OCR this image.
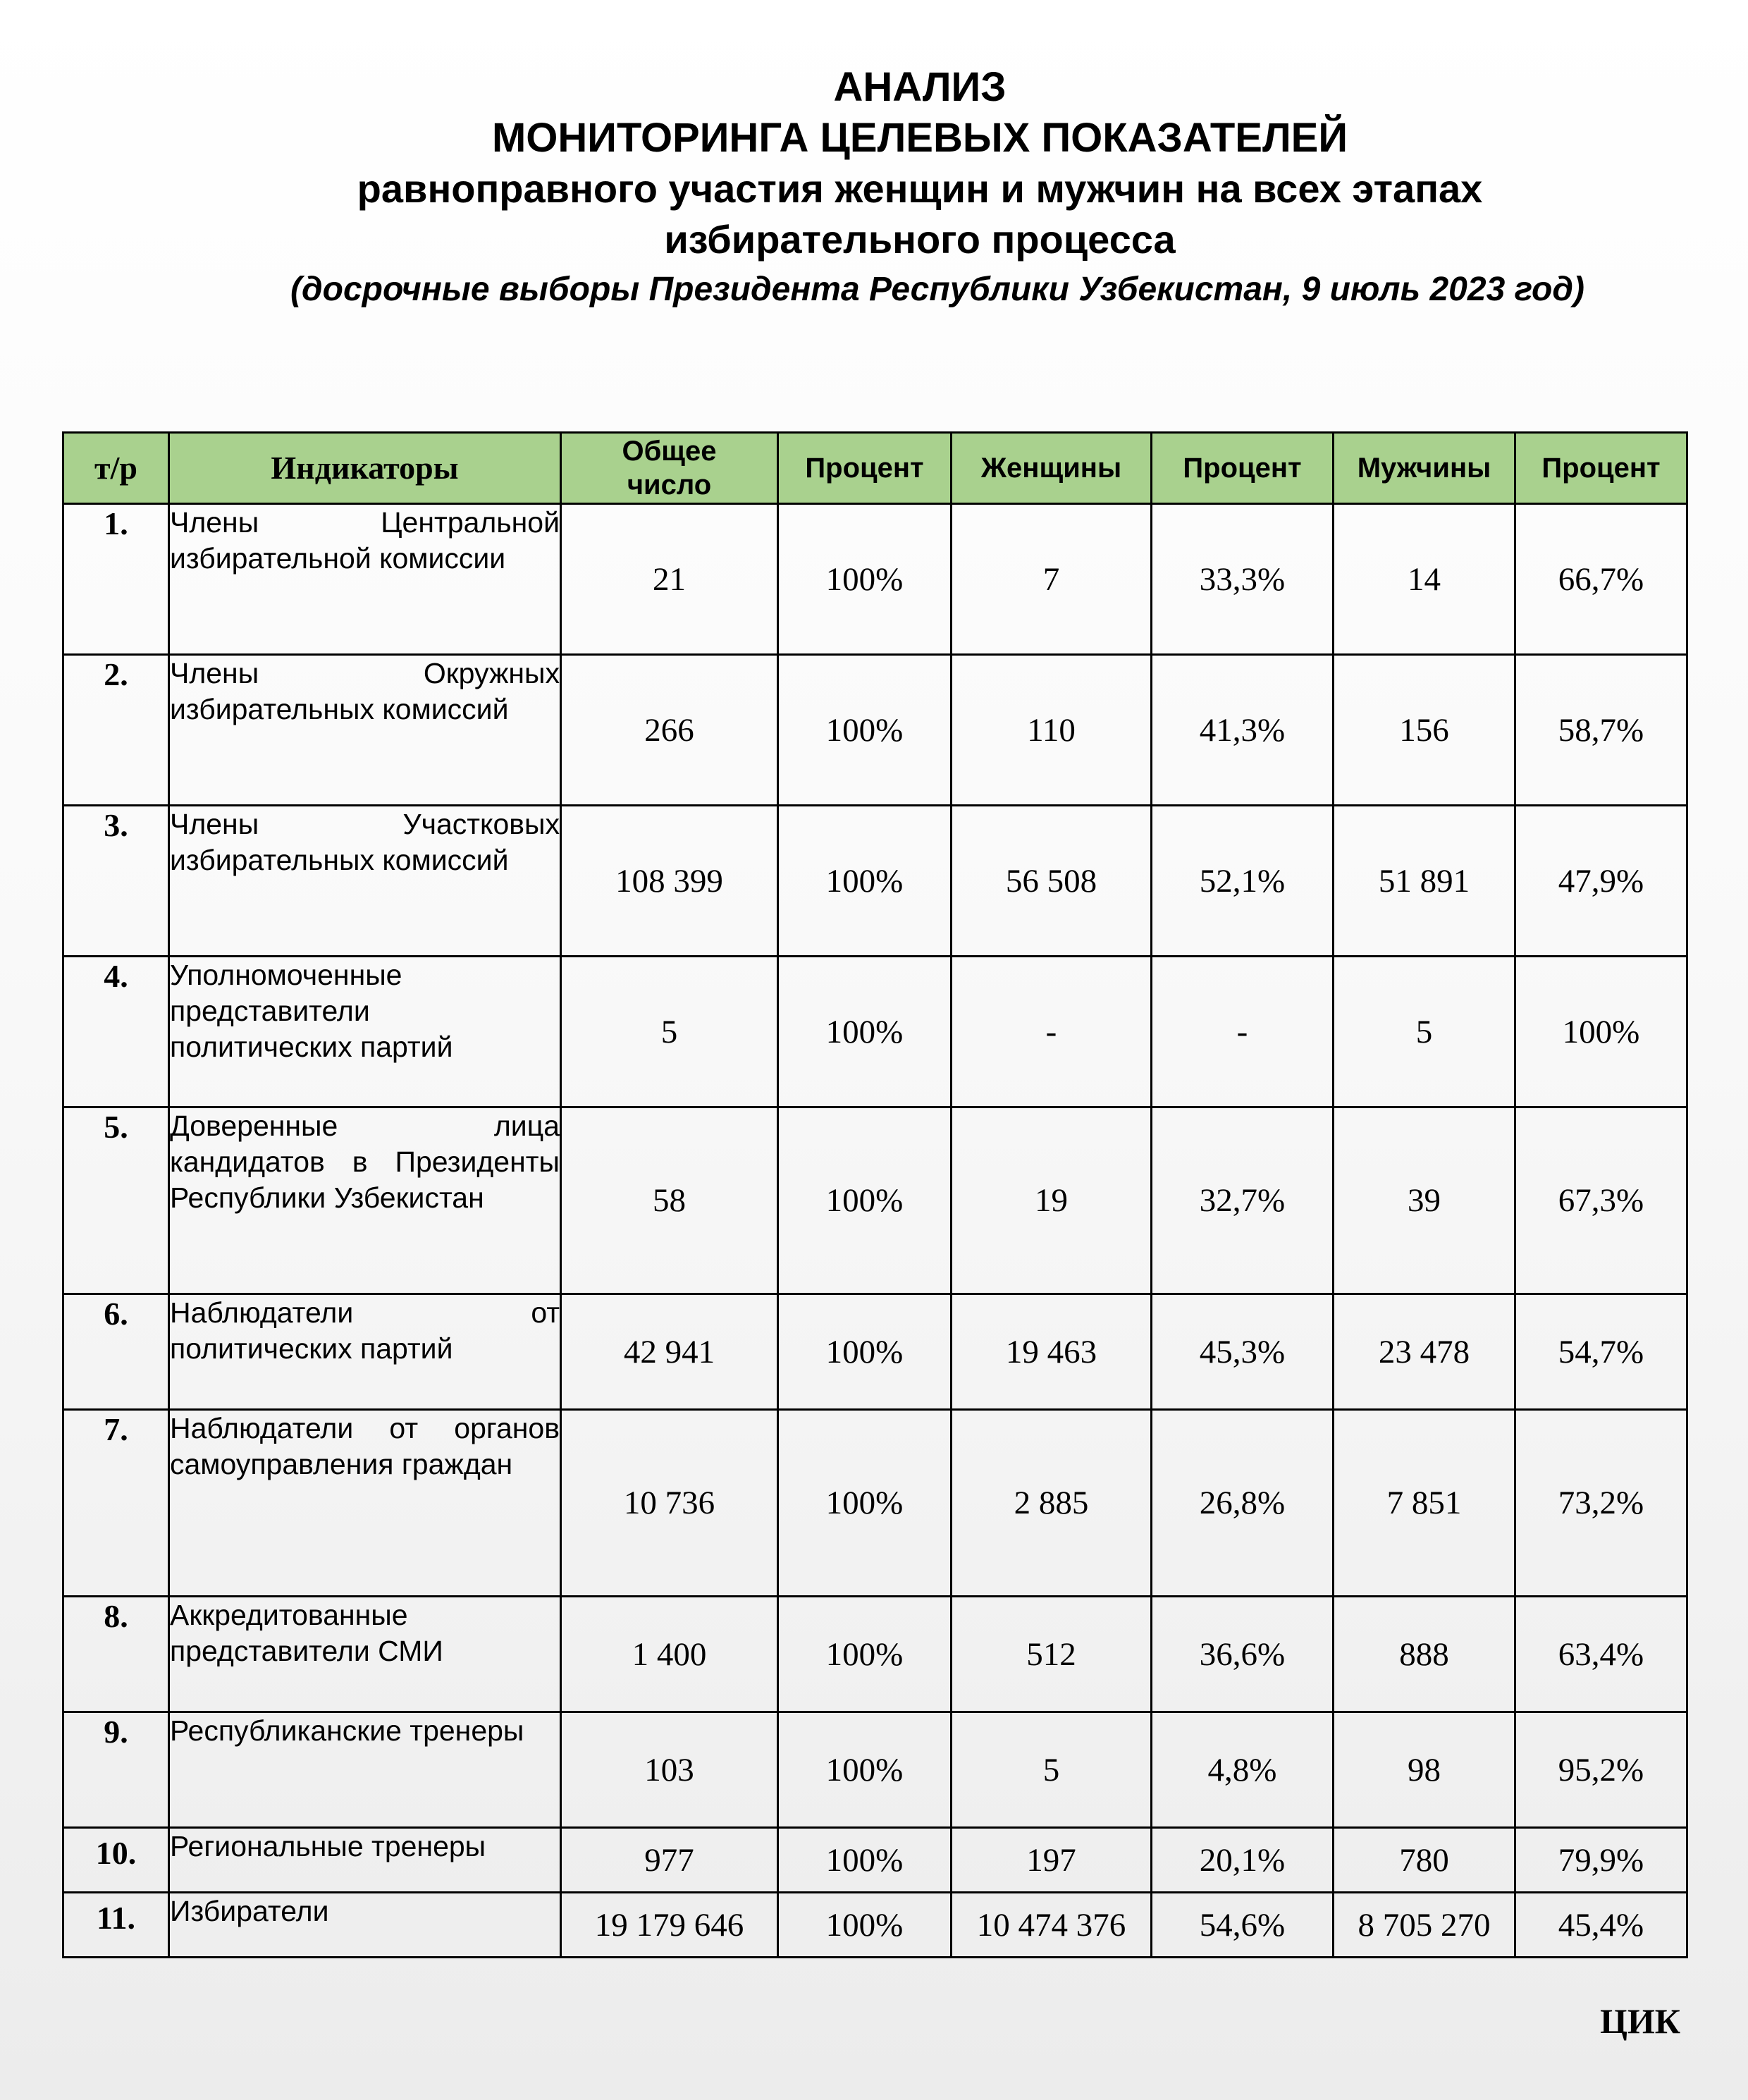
АНАЛИЗ
МОНИТОРИНГА ЦЕЛЕВЫХ ПОКАЗАТЕЛЕЙ
равноправного участия женщин и мужчин на всех этапах
избирательного процесса
(досрочные выборы Президента Республики Узбекистан, 9 июль 2023 год)
т/р	Индикаторы	Общее число	Процент	Женщины	Процент	Мужчины	Процент
1.	Члены Центральной избирательной комиссии	21	100%	7	33,3%	14	66,7%
2.	Члены Окружных избирательных комиссий	266	100%	110	41,3%	156	58,7%
3.	Члены Участковых избирательных комиссий	108 399	100%	56 508	52,1%	51 891	47,9%
4.	Уполномоченные представители политических партий	5	100%	-	-	5	100%
5.	Доверенные лица кандидатов в Президенты Республики Узбекистан	58	100%	19	32,7%	39	67,3%
6.	Наблюдатели от политических партий	42 941	100%	19 463	45,3%	23 478	54,7%
7.	Наблюдатели от органов самоуправления граждан	10 736	100%	2 885	26,8%	7 851	73,2%
8.	Аккредитованные представители СМИ	1 400	100%	512	36,6%	888	63,4%
9.	Республиканские тренеры	103	100%	5	4,8%	98	95,2%
10.	Региональные тренеры	977	100%	197	20,1%	780	79,9%
11.	Избиратели	19 179 646	100%	10 474 376	54,6%	8 705 270	45,4%
ЦИК
